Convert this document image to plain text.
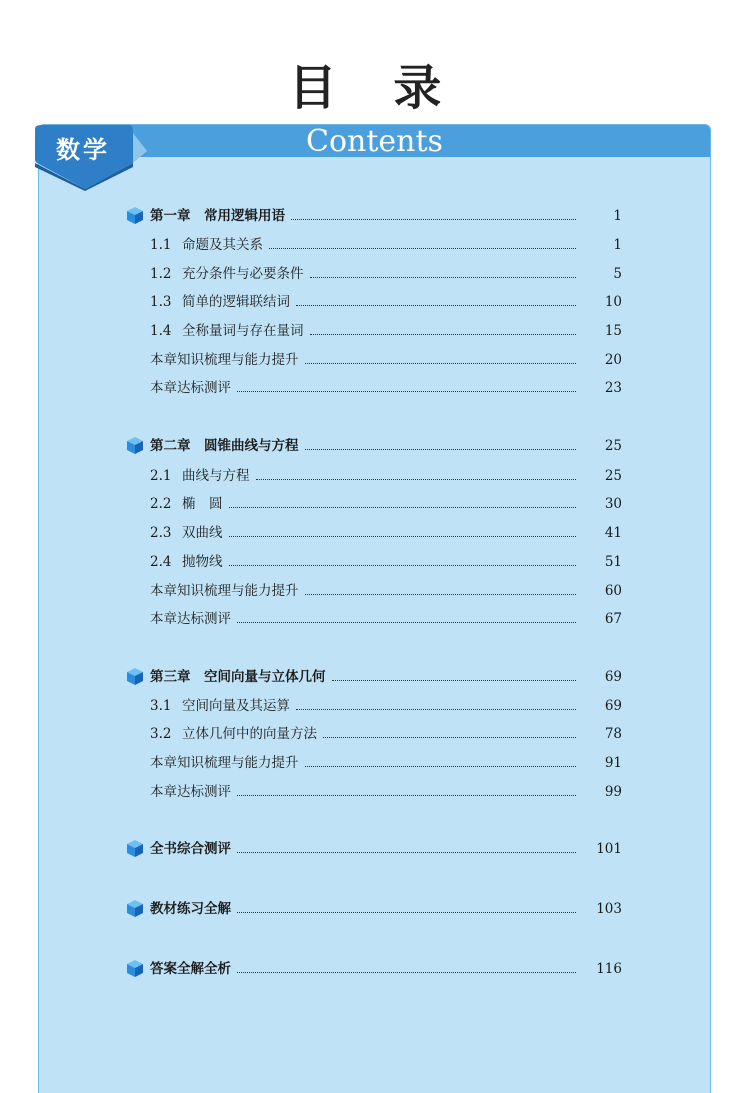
目 录
Contents
数学
第一章　常用逻辑用语	1
1.1 命题及其关系	1
1.2 充分条件与必要条件	5
1.3 简单的逻辑联结词	10
1.4 全称量词与存在量词	15
本章知识梳理与能力提升	20
本章达标测评	23
第二章　圆锥曲线与方程	25
2.1 曲线与方程	25
2.2 椭　圆	30
2.3 双曲线	41
2.4 抛物线	51
本章知识梳理与能力提升	60
本章达标测评	67
第三章　空间向量与立体几何	69
3.1 空间向量及其运算	69
3.2 立体几何中的向量方法	78
本章知识梳理与能力提升	91
本章达标测评	99
全书综合测评	101
教材练习全解	103
答案全解全析	116
